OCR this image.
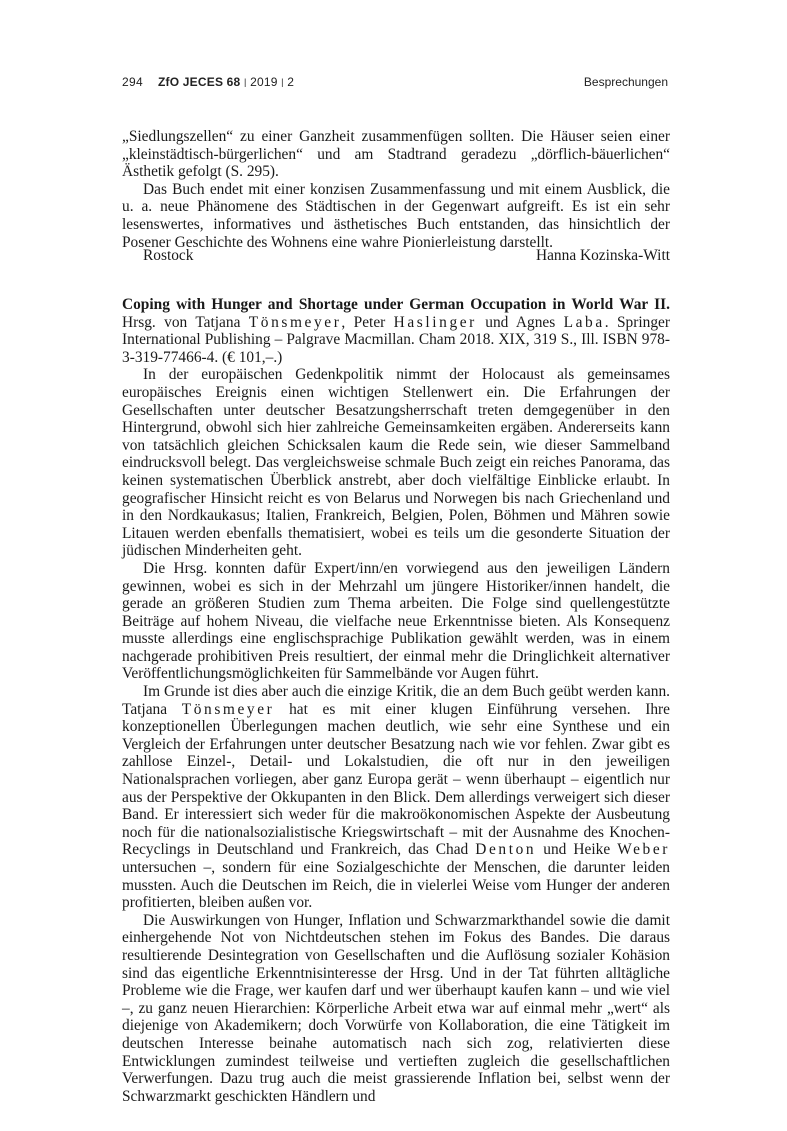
294 ZfO JECES 68 | 2019 | 2	Besprechungen

„Siedlungszellen“ zu einer Ganzheit zusammenfügen sollten. Die Häuser seien einer „kleinstädtisch-bürgerlichen“ und am Stadtrand geradezu „dörflich-bäuerlichen“ Ästhetik gefolgt (S. 295).

Das Buch endet mit einer konzisen Zusammenfassung und mit einem Ausblick, die u. a. neue Phänomene des Städtischen in der Gegenwart aufgreift. Es ist ein sehr lesenswertes, informatives und ästhetisches Buch entstanden, das hinsichtlich der Posener Geschichte des Wohnens eine wahre Pionierleistung darstellt.

Rostock	Hanna Kozinska-Witt

Coping with Hunger and Shortage under German Occupation in World War II. Hrsg. von Tatjana Tönsmeyer, Peter Haslinger und Agnes Laba. Springer International Publishing – Palgrave Macmillan. Cham 2018. XIX, 319 S., Ill. ISBN 978-3-319-77466-4. (€ 101,–.)

In der europäischen Gedenkpolitik nimmt der Holocaust als gemeinsames europäisches Ereignis einen wichtigen Stellenwert ein. Die Erfahrungen der Gesellschaften unter deutscher Besatzungsherrschaft treten demgegenüber in den Hintergrund, obwohl sich hier zahlreiche Gemeinsamkeiten ergäben. Andererseits kann von tatsächlich gleichen Schicksalen kaum die Rede sein, wie dieser Sammelband eindrucksvoll belegt. Das vergleichsweise schmale Buch zeigt ein reiches Panorama, das keinen systematischen Überblick anstrebt, aber doch vielfältige Einblicke erlaubt. In geografischer Hinsicht reicht es von Belarus und Norwegen bis nach Griechenland und in den Nordkaukasus; Italien, Frankreich, Belgien, Polen, Böhmen und Mähren sowie Litauen werden ebenfalls thematisiert, wobei es teils um die gesonderte Situation der jüdischen Minderheiten geht.

Die Hrsg. konnten dafür Expert/inn/en vorwiegend aus den jeweiligen Ländern gewinnen, wobei es sich in der Mehrzahl um jüngere Historiker/innen handelt, die gerade an größeren Studien zum Thema arbeiten. Die Folge sind quellengestützte Beiträge auf hohem Niveau, die vielfache neue Erkenntnisse bieten. Als Konsequenz musste allerdings eine englischsprachige Publikation gewählt werden, was in einem nachgerade prohibitiven Preis resultiert, der einmal mehr die Dringlichkeit alternativer Veröffentlichungsmöglichkeiten für Sammelbände vor Augen führt.

Im Grunde ist dies aber auch die einzige Kritik, die an dem Buch geübt werden kann. Tatjana Tönsmeyer hat es mit einer klugen Einführung versehen. Ihre konzeptionellen Überlegungen machen deutlich, wie sehr eine Synthese und ein Vergleich der Erfahrungen unter deutscher Besatzung nach wie vor fehlen. Zwar gibt es zahllose Einzel-, Detail- und Lokalstudien, die oft nur in den jeweiligen Nationalsprachen vorliegen, aber ganz Europa gerät – wenn überhaupt – eigentlich nur aus der Perspektive der Okkupanten in den Blick. Dem allerdings verweigert sich dieser Band. Er interessiert sich weder für die makroökonomischen Aspekte der Ausbeutung noch für die nationalsozialistische Kriegswirtschaft – mit der Ausnahme des Knochen-Recyclings in Deutschland und Frankreich, das Chad Denton und Heike Weber untersuchen –, sondern für eine Sozialgeschichte der Menschen, die darunter leiden mussten. Auch die Deutschen im Reich, die in vielerlei Weise vom Hunger der anderen profitierten, bleiben außen vor.

Die Auswirkungen von Hunger, Inflation und Schwarzmarkthandel sowie die damit einhergehende Not von Nichtdeutschen stehen im Fokus des Bandes. Die daraus resultierende Desintegration von Gesellschaften und die Auflösung sozialer Kohäsion sind das eigentliche Erkenntnisinteresse der Hrsg. Und in der Tat führten alltägliche Probleme wie die Frage, wer kaufen darf und wer überhaupt kaufen kann – und wie viel –, zu ganz neuen Hierarchien: Körperliche Arbeit etwa war auf einmal mehr „wert“ als diejenige von Akademikern; doch Vorwürfe von Kollaboration, die eine Tätigkeit im deutschen Interesse beinahe automatisch nach sich zog, relativierten diese Entwicklungen zumindest teilweise und vertieften zugleich die gesellschaftlichen Verwerfungen. Dazu trug auch die meist grassierende Inflation bei, selbst wenn der Schwarzmarkt geschickten Händlern und
